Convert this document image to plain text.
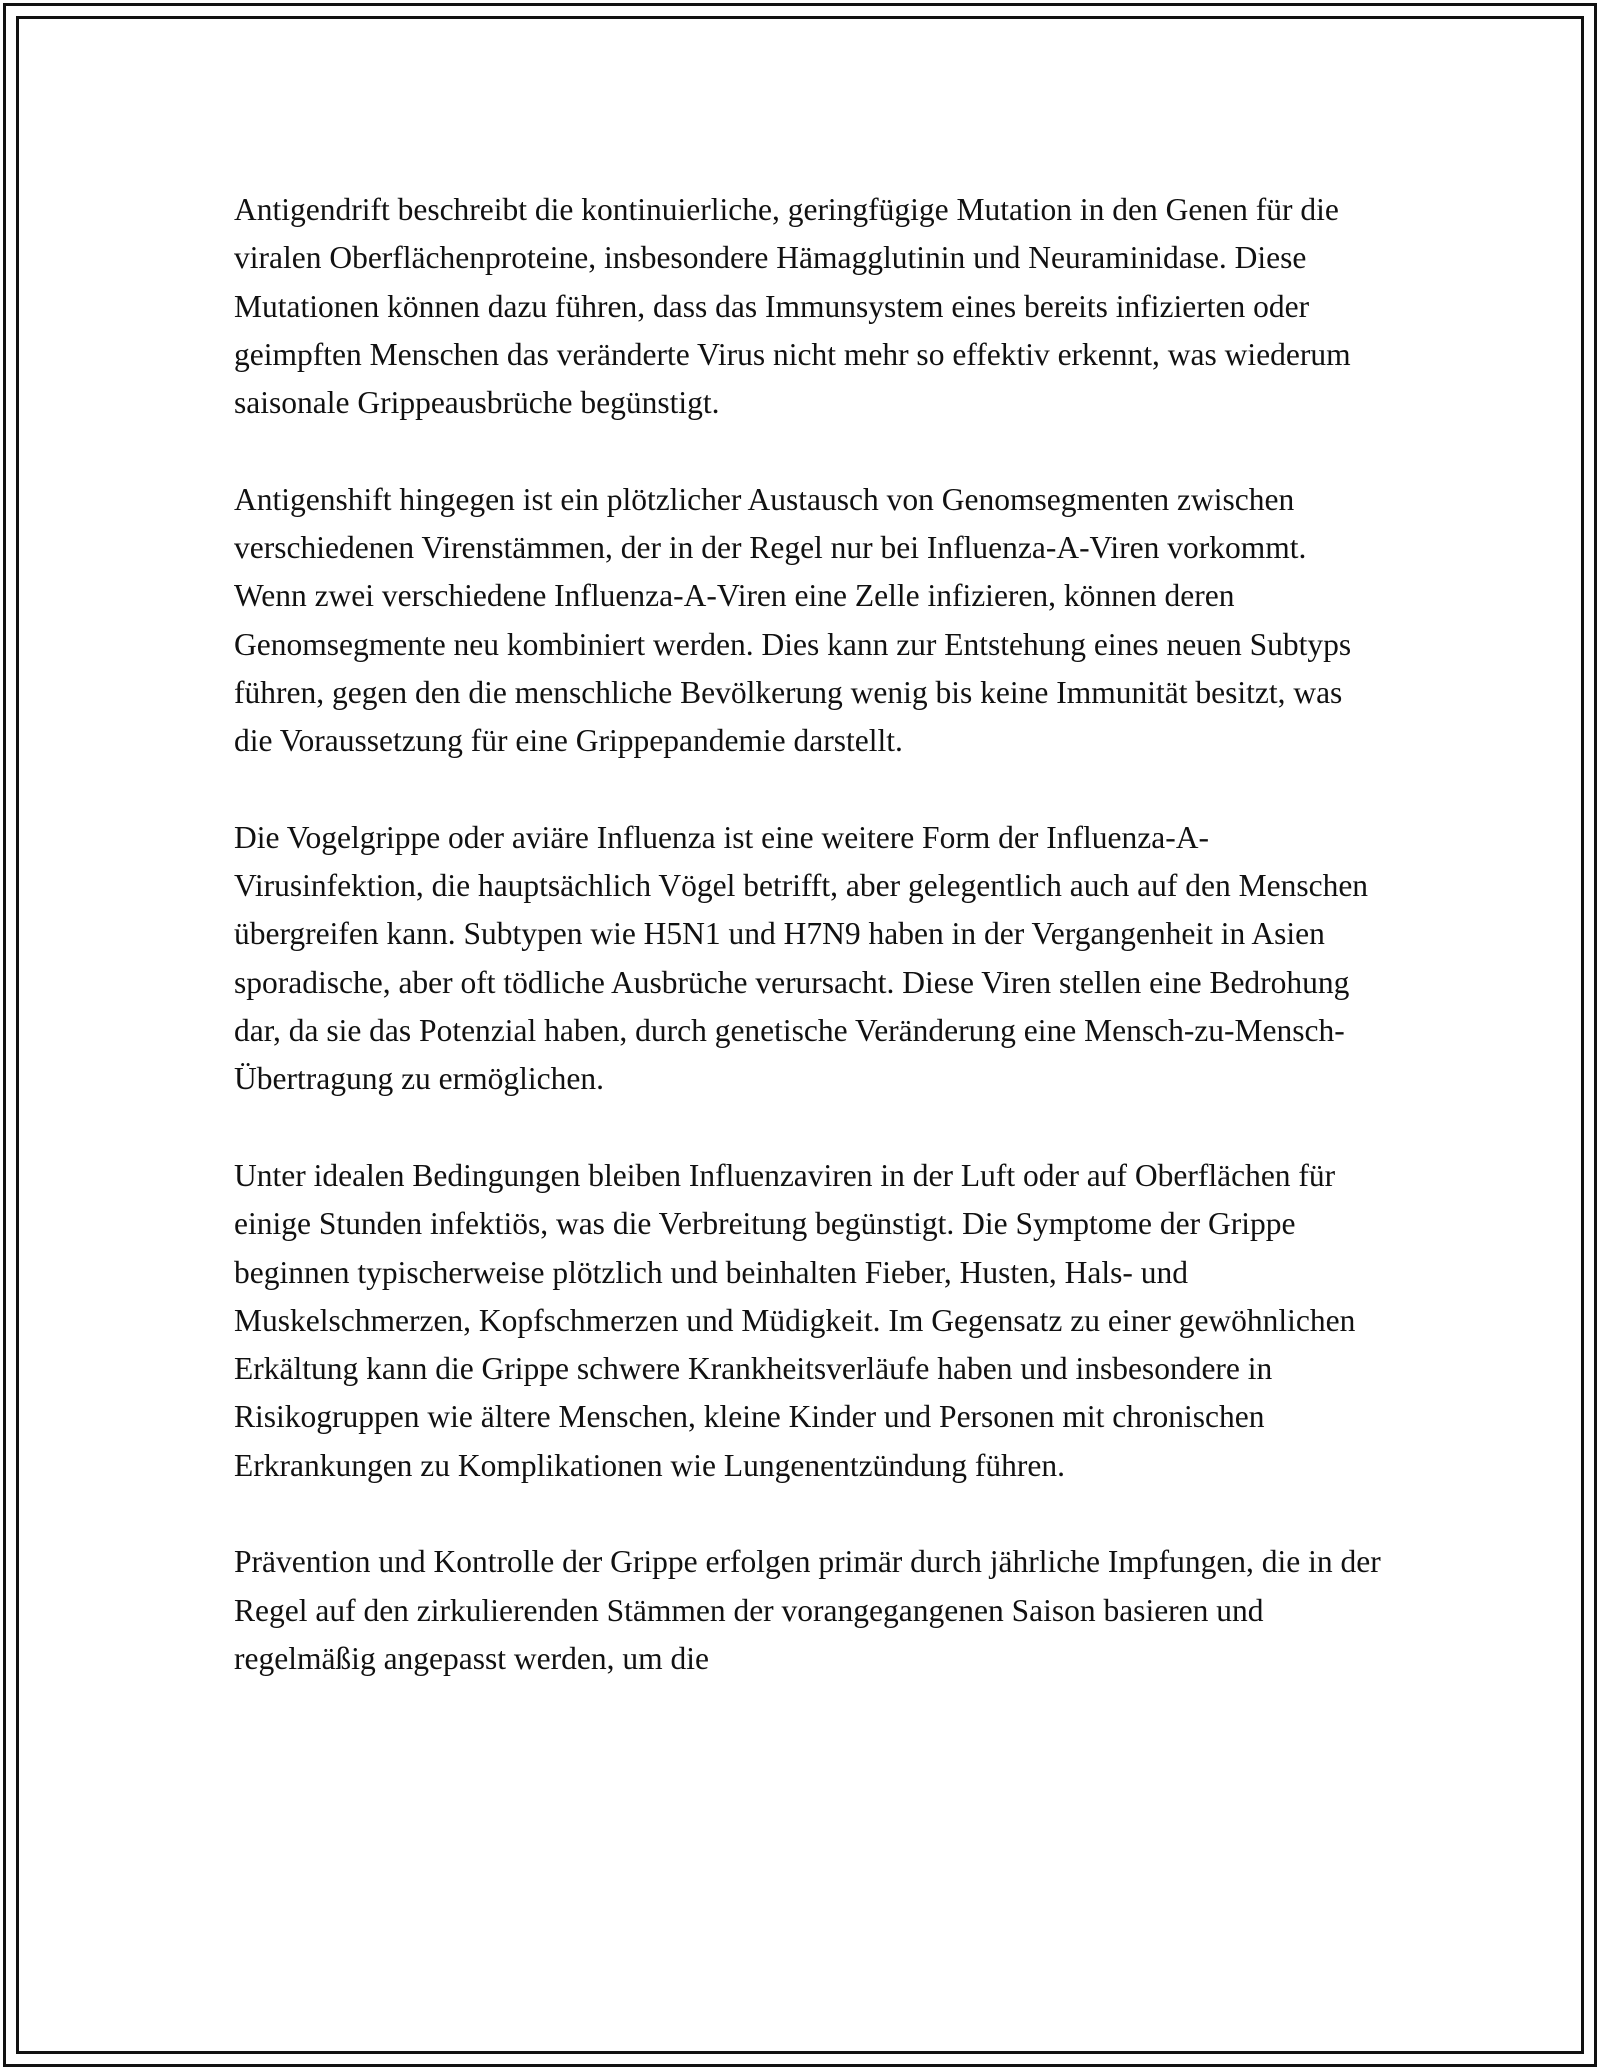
Antigendrift beschreibt die kontinuierliche, geringfügige Mutation in den Genen für die viralen Oberflächenproteine, insbesondere Hämagglutinin und Neuraminidase. Diese Mutationen können dazu führen, dass das Immunsystem eines bereits infizierten oder geimpften Menschen das veränderte Virus nicht mehr so effektiv erkennt, was wiederum saisonale Grippeausbrüche begünstigt.

Antigenshift hingegen ist ein plötzlicher Austausch von Genomsegmenten zwischen verschiedenen Virenstämmen, der in der Regel nur bei Influenza-A-Viren vorkommt. Wenn zwei verschiedene Influenza-A-Viren eine Zelle infizieren, können deren Genomsegmente neu kombiniert werden. Dies kann zur Entstehung eines neuen Subtyps führen, gegen den die menschliche Bevölkerung wenig bis keine Immunität besitzt, was die Voraussetzung für eine Grippepandemie darstellt.

Die Vogelgrippe oder aviäre Influenza ist eine weitere Form der Influenza-A-Virusinfektion, die hauptsächlich Vögel betrifft, aber gelegentlich auch auf den Menschen übergreifen kann. Subtypen wie H5N1 und H7N9 haben in der Vergangenheit in Asien sporadische, aber oft tödliche Ausbrüche verursacht. Diese Viren stellen eine Bedrohung dar, da sie das Potenzial haben, durch genetische Veränderung eine Mensch-zu-Mensch-Übertragung zu ermöglichen.

Unter idealen Bedingungen bleiben Influenzaviren in der Luft oder auf Oberflächen für einige Stunden infektiös, was die Verbreitung begünstigt. Die Symptome der Grippe beginnen typischerweise plötzlich und beinhalten Fieber, Husten, Hals- und Muskelschmerzen, Kopfschmerzen und Müdigkeit. Im Gegensatz zu einer gewöhnlichen Erkältung kann die Grippe schwere Krankheitsverläufe haben und insbesondere in Risikogruppen wie ältere Menschen, kleine Kinder und Personen mit chronischen Erkrankungen zu Komplikationen wie Lungenentzündung führen.

Prävention und Kontrolle der Grippe erfolgen primär durch jährliche Impfungen, die in der Regel auf den zirkulierenden Stämmen der vorangegangenen Saison basieren und regelmäßig angepasst werden, um die
